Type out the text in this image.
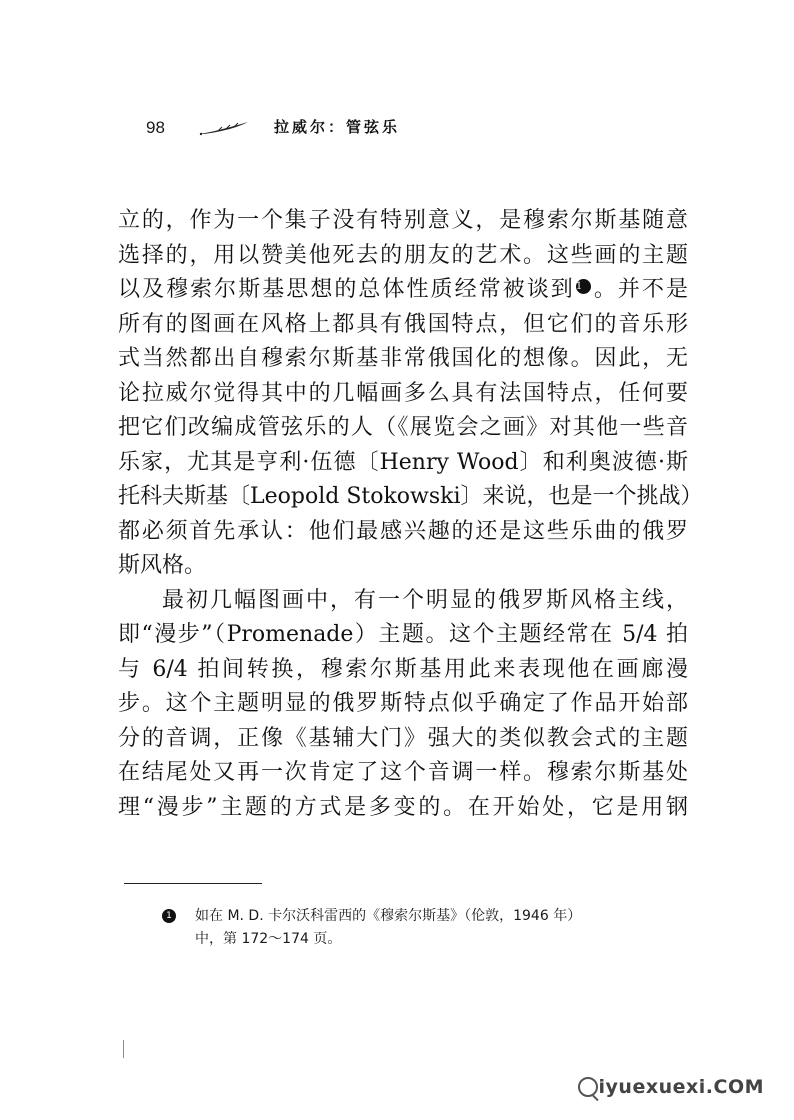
98	拉威尔：管弦乐
立的，作为一个集子没有特别意义，是穆索尔斯基随意
选择的，用以赞美他死去的朋友的艺术。这些画的主题
以及穆索尔斯基思想的总体性质经常被谈到1 。并不是
所有的图画在风格上都具有俄国特点，但它们的音乐形
式当然都出自穆索尔斯基非常俄国化的想像。因此，无
论拉威尔觉得其中的几幅画多么具有法国特点，任何要
把它们改编成管弦乐的人（《展览会之画》对其他一些音
乐家，尤其是亨利·伍德〔Henry Wood〕和利奥波德·斯
托科夫斯基〔Leopold Stokowski〕来说，也是一个挑战）
都必须首先承认：他们最感兴趣的还是这些乐曲的俄罗
斯风格。
最初几幅图画中，有一个明显的俄罗斯风格主线，
即“漫步”（Promenade）主题。这个主题经常在 5/4 拍
与 6/4 拍间转换，穆索尔斯基用此来表现他在画廊漫
步。这个主题明显的俄罗斯特点似乎确定了作品开始部
分的音调，正像《基辅大门》强大的类似教会式的主题
在结尾处又再一次肯定了这个音调一样。穆索尔斯基处
理“漫步”主题的方式是多变的。在开始处，它是用钢
1 如在 M. D. 卡尔沃科雷西的《穆索尔斯基》（伦敦，1946 年）
中，第 172～174 页。
iyuexuexi.COM
